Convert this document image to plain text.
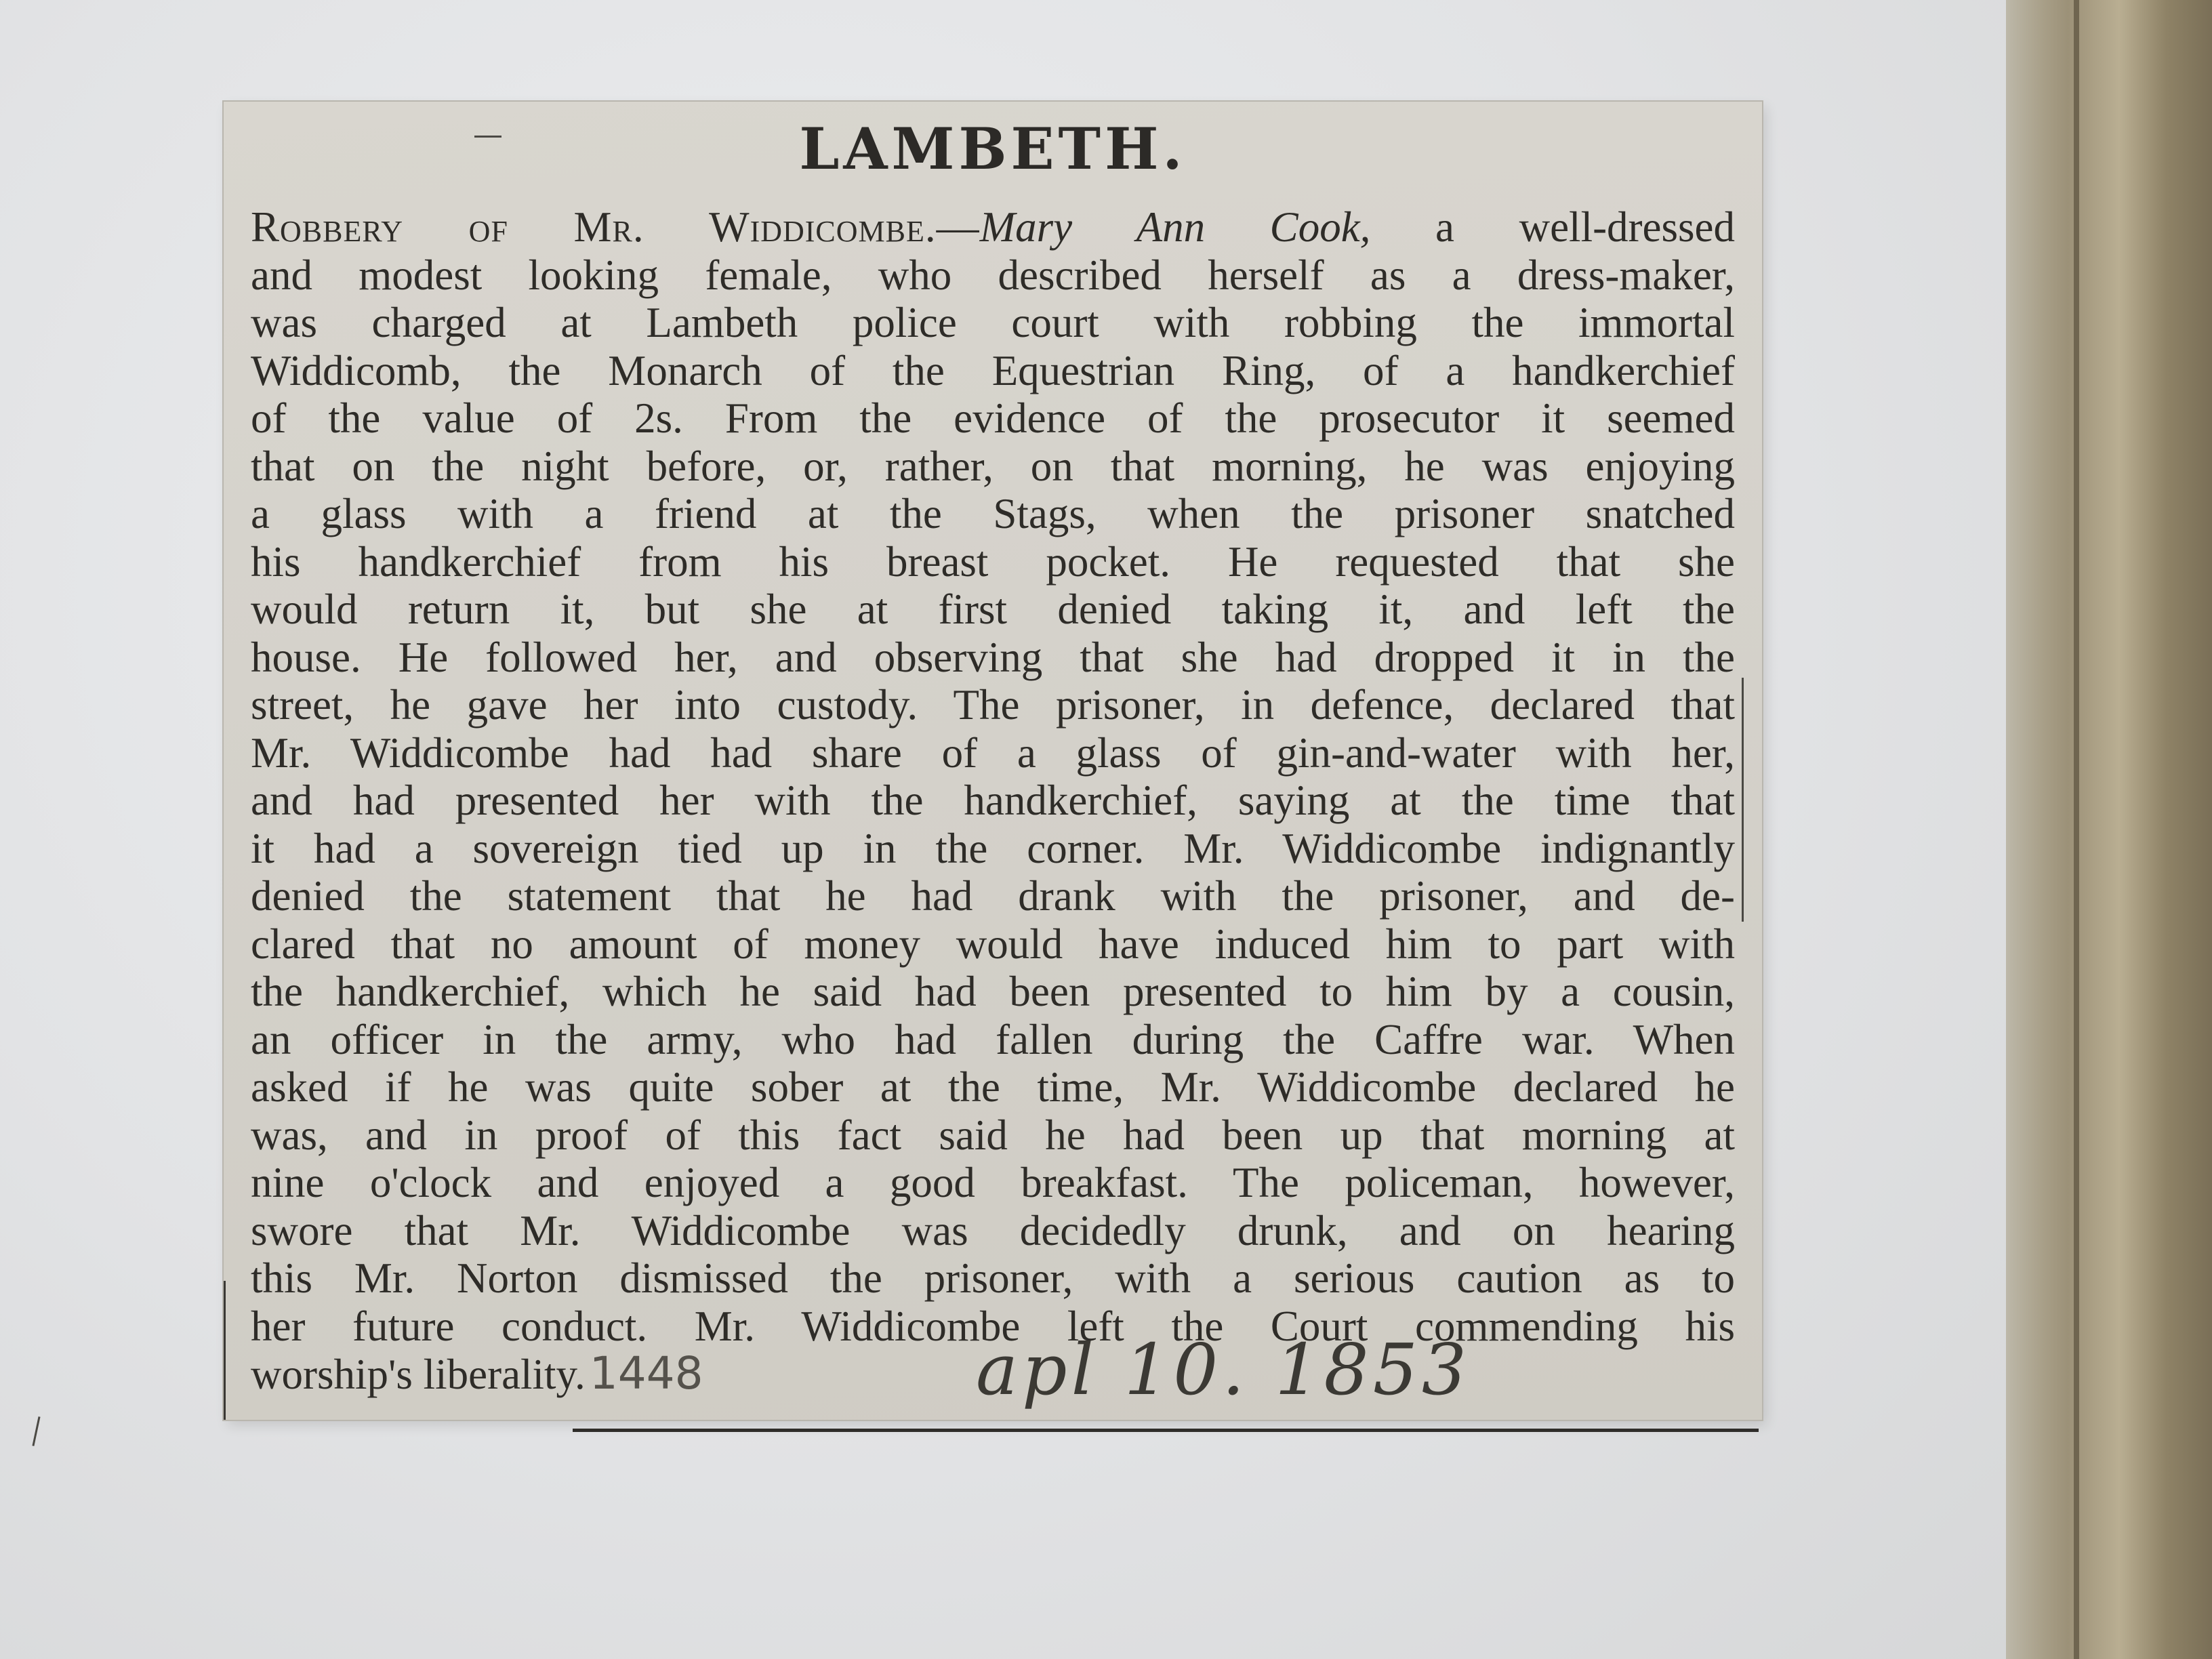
LAMBETH.
Robbery of Mr. Widdicombe.—Mary Ann Cook, a well-dressed
and modest looking female, who described herself as a dress-maker,
was charged at Lambeth police court with robbing the immortal
Widdicomb, the Monarch of the Equestrian Ring, of a handkerchief
of the value of 2s. From the evidence of the prosecutor it seemed
that on the night before, or, rather, on that morning, he was enjoying
a glass with a friend at the Stags, when the prisoner snatched
his handkerchief from his breast pocket. He requested that she
would return it, but she at first denied taking it, and left the
house. He followed her, and observing that she had dropped it in the
street, he gave her into custody. The prisoner, in defence, declared that
Mr. Widdicombe had had share of a glass of gin-and-water with her,
and had presented her with the handkerchief, saying at the time that
it had a sovereign tied up in the corner. Mr. Widdicombe indignantly
denied the statement that he had drank with the prisoner, and de-
clared that no amount of money would have induced him to part with
the handkerchief, which he said had been presented to him by a cousin,
an officer in the army, who had fallen during the Caffre war. When
asked if he was quite sober at the time, Mr. Widdicombe declared he
was, and in proof of this fact said he had been up that morning at
nine o'clock and enjoyed a good breakfast. The policeman, however,
swore that Mr. Widdicombe was decidedly drunk, and on hearing
this Mr. Norton dismissed the prisoner, with a serious caution as to
her future conduct. Mr. Widdicombe left the Court commending his
worship's liberality.1448	apl 10. 1853
